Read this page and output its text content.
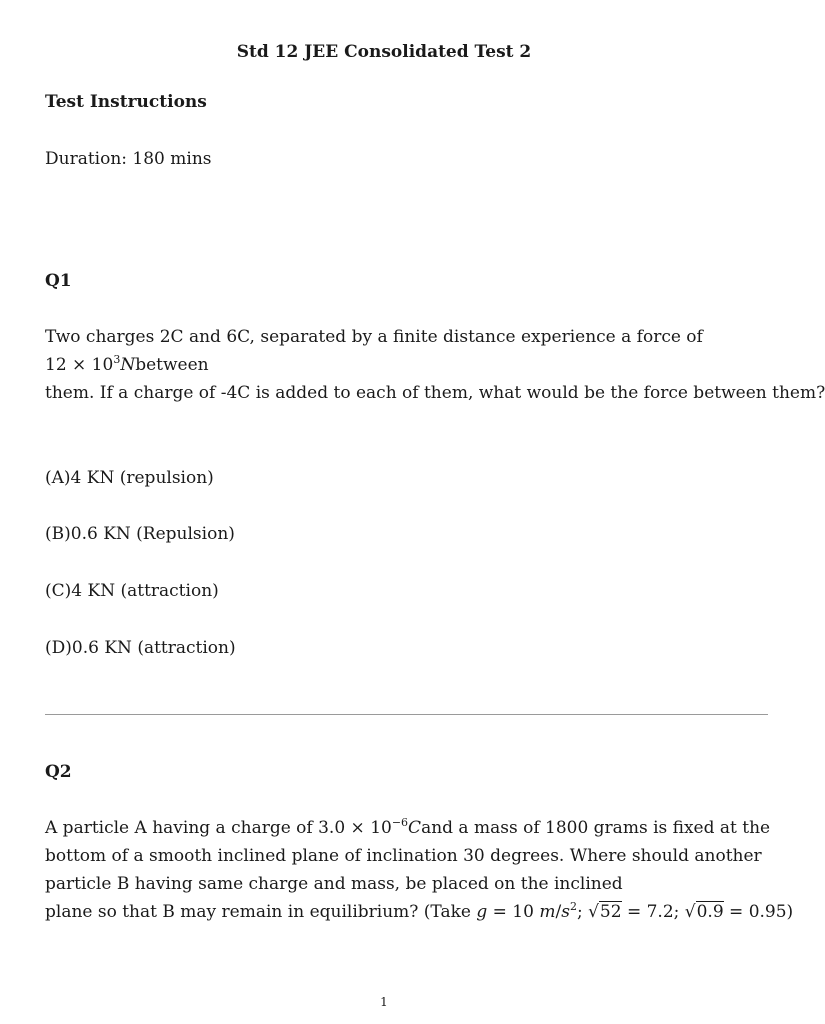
Std 12 JEE Consolidated Test 2
Test Instructions
Duration: 180 mins
Q1
Two charges 2C and 6C, separated by a finite distance experience a force of
$12 \times 10^3Nbetween$
them. If a charge of -4C is added to each of them, what would be the force between them?
(A)4 KN (repulsion)
(B)0.6 KN (Repulsion)
(C)4 KN (attraction)
(D)0.6 KN (attraction)
Q2
A particle A having a charge of $3.0 \times 10^{-6}Cand$ a mass of 1800 grams is fixed at the
bottom of a smooth inclined plane of inclination 30 degrees. Where should another
particle B having same charge and mass, be placed on the inclined
plane so that B may remain in equilibrium? (Take g = 10 $m/s^2$; √52 = 7.2; √0.9 = 0.95)
1
